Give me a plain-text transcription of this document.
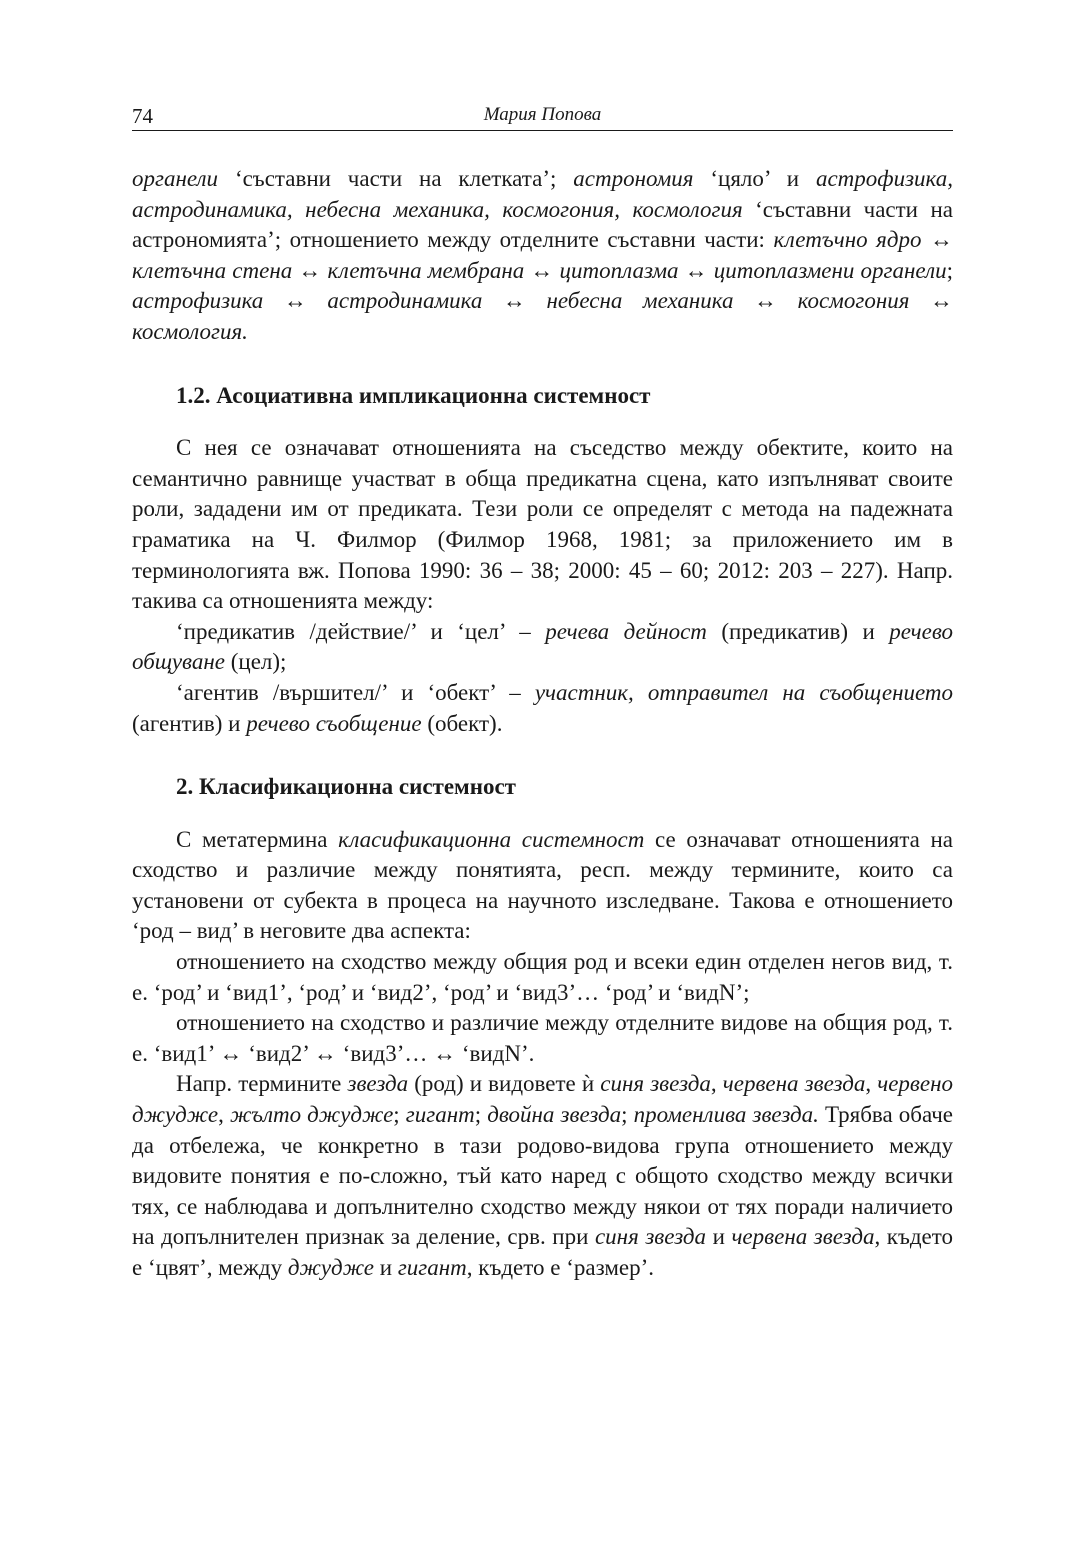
74	Мария Попова

органели ‘съставни части на клетката’; астрономия ‘цяло’ и астрофизика, астродинамика, небесна механика, космогония, космология ‘съставни части на астрономията’; отношението между отделните съставни части: клетъчно ядро ↔ клетъчна стена ↔ клетъчна мембрана ↔ цитоплазма ↔ цитоплазмени органели; астрофизика ↔ астродинамика ↔ небесна механика ↔ космогония ↔ космология.

1.2. Асоциативна импликационна системност

С нея се означават отношенията на съседство между обектите, които на семантично равнище участват в обща предикатна сцена, като изпълняват своите роли, зададени им от предиката. Тези роли се определят с метода на падежната граматика на Ч. Филмор (Филмор 1968, 1981; за приложението им в терминологията вж. Попова 1990: 36 – 38; 2000: 45 – 60; 2012: 203 – 227). Напр. такива са отношенията между:

‘предикатив /действие/’ и ‘цел’ – речева дейност (предикатив) и речево общуване (цел);

‘агентив /вършител/’ и ‘обект’ – участник, отправител на съобщението (агентив) и речево съобщение (обект).

2. Класификационна системност

С метатермина класификационна системност се означават отношенията на сходство и различие между понятията, респ. между термините, които са установени от субекта в процеса на научното изследване. Такова е отношението ‘род – вид’ в неговите два аспекта:

отношението на сходство между общия род и всеки един отделен негов вид, т. е. ‘род’ и ‘вид1’, ‘род’ и ‘вид2’, ‘род’ и ‘вид3’… ‘род’ и ‘видN’;

отношението на сходство и различие между отделните видове на общия род, т. е. ‘вид1’ ↔ ‘вид2’ ↔ ‘вид3’… ↔ ‘видN’.

Напр. термините звезда (род) и видовете ѝ синя звезда, червена звезда, червено джудже, жълто джудже; гигант; двойна звезда; променлива звезда. Трябва обаче да отбележа, че конкретно в тази родово-видова група отношението между видовите понятия е по-сложно, тъй като наред с общото сходство между всички тях, се наблюдава и допълнително сходство между някои от тях поради наличието на допълнителен признак за деление, срв. при синя звезда и червена звезда, където е ‘цвят’, между джудже и гигант, където е ‘размер’.
